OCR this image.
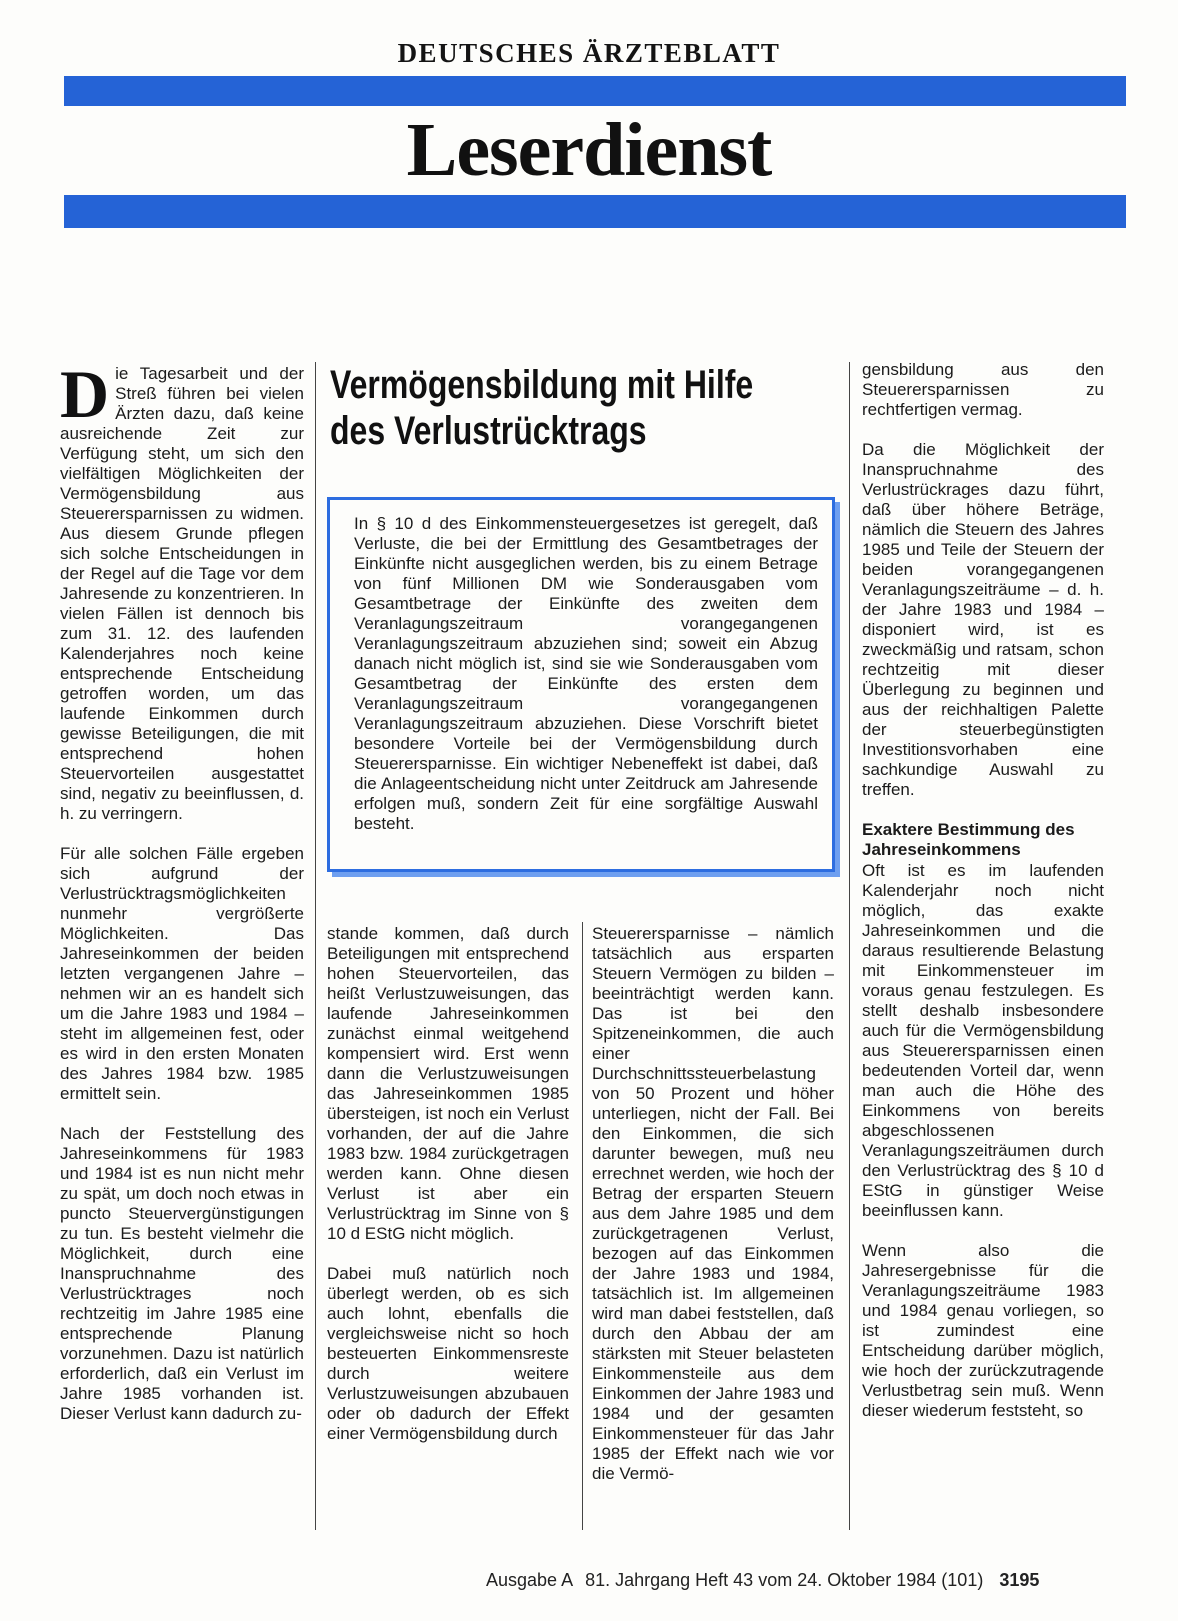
DEUTSCHES ÄRZTEBLATT
Leserdienst

Die Tagesarbeit und der Streß führen bei vielen Ärzten dazu, daß keine ausreichende Zeit zur Verfügung steht, um sich den vielfältigen Möglichkeiten der Vermögensbildung aus Steuerersparnissen zu widmen. Aus diesem Grunde pflegen sich solche Entscheidungen in der Regel auf die Tage vor dem Jahresende zu konzentrieren. In vielen Fällen ist dennoch bis zum 31. 12. des laufenden Kalenderjahres noch keine entsprechende Entscheidung getroffen worden, um das laufende Einkommen durch gewisse Beteiligungen, die mit entsprechend hohen Steuervorteilen ausgestattet sind, negativ zu beeinflussen, d. h. zu verringern.

Für alle solchen Fälle ergeben sich aufgrund der Verlustrücktragsmöglichkeiten nunmehr vergrößerte Möglichkeiten. Das Jahreseinkommen der beiden letzten vergangenen Jahre – nehmen wir an es handelt sich um die Jahre 1983 und 1984 – steht im allgemeinen fest, oder es wird in den ersten Monaten des Jahres 1984 bzw. 1985 ermittelt sein.

Nach der Feststellung des Jahreseinkommens für 1983 und 1984 ist es nun nicht mehr zu spät, um doch noch etwas in puncto Steuervergünstigungen zu tun. Es besteht vielmehr die Möglichkeit, durch eine Inanspruchnahme des Verlustrücktrages noch rechtzeitig im Jahre 1985 eine entsprechende Planung vorzunehmen. Dazu ist natürlich erforderlich, daß ein Verlust im Jahre 1985 vorhanden ist. Dieser Verlust kann dadurch zu-

Vermögensbildung mit Hilfe
des Verlustrücktrags

In § 10 d des Einkommensteuergesetzes ist geregelt, daß Verluste, die bei der Ermittlung des Gesamtbetrages der Einkünfte nicht ausgeglichen werden, bis zu einem Betrage von fünf Millionen DM wie Sonderausgaben vom Gesamtbetrage der Einkünfte des zweiten dem Veranlagungszeitraum vorangegangenen Veranlagungszeitraum abzuziehen sind; soweit ein Abzug danach nicht möglich ist, sind sie wie Sonderausgaben vom Gesamtbetrag der Einkünfte des ersten dem Veranlagungszeitraum vorangegangenen Veranlagungszeitraum abzuziehen. Diese Vorschrift bietet besondere Vorteile bei der Vermögensbildung durch Steuerersparnisse. Ein wichtiger Nebeneffekt ist dabei, daß die Anlageentscheidung nicht unter Zeitdruck am Jahresende erfolgen muß, sondern Zeit für eine sorgfältige Auswahl besteht.

stande kommen, daß durch Beteiligungen mit entsprechend hohen Steuervorteilen, das heißt Verlustzuweisungen, das laufende Jahreseinkommen zunächst einmal weitgehend kompensiert wird. Erst wenn dann die Verlustzuweisungen das Jahreseinkommen 1985 übersteigen, ist noch ein Verlust vorhanden, der auf die Jahre 1983 bzw. 1984 zurückgetragen werden kann. Ohne diesen Verlust ist aber ein Verlustrücktrag im Sinne von § 10 d EStG nicht möglich.

Dabei muß natürlich noch überlegt werden, ob es sich auch lohnt, ebenfalls die vergleichsweise nicht so hoch besteuerten Einkommensreste durch weitere Verlustzuweisungen abzubauen oder ob dadurch der Effekt einer Vermögensbildung durch

Steuerersparnisse – nämlich tatsächlich aus ersparten Steuern Vermögen zu bilden – beeinträchtigt werden kann. Das ist bei den Spitzeneinkommen, die auch einer Durchschnittssteuerbelastung von 50 Prozent und höher unterliegen, nicht der Fall. Bei den Einkommen, die sich darunter bewegen, muß neu errechnet werden, wie hoch der Betrag der ersparten Steuern aus dem Jahre 1985 und dem zurückgetragenen Verlust, bezogen auf das Einkommen der Jahre 1983 und 1984, tatsächlich ist. Im allgemeinen wird man dabei feststellen, daß durch den Abbau der am stärksten mit Steuer belasteten Einkommensteile aus dem Einkommen der Jahre 1983 und 1984 und der gesamten Einkommensteuer für das Jahr 1985 der Effekt nach wie vor die Vermö-

gensbildung aus den Steuerersparnissen zu rechtfertigen vermag.

Da die Möglichkeit der Inanspruchnahme des Verlustrückrages dazu führt, daß über höhere Beträge, nämlich die Steuern des Jahres 1985 und Teile der Steuern der beiden vorangegangenen Veranlagungszeiträume – d. h. der Jahre 1983 und 1984 – disponiert wird, ist es zweckmäßig und ratsam, schon rechtzeitig mit dieser Überlegung zu beginnen und aus der reichhaltigen Palette der steuerbegünstigten Investitionsvorhaben eine sachkundige Auswahl zu treffen.

Exaktere Bestimmung des Jahreseinkommens

Oft ist es im laufenden Kalenderjahr noch nicht möglich, das exakte Jahreseinkommen und die daraus resultierende Belastung mit Einkommensteuer im voraus genau festzulegen. Es stellt deshalb insbesondere auch für die Vermögensbildung aus Steuerersparnissen einen bedeutenden Vorteil dar, wenn man auch die Höhe des Einkommens von bereits abgeschlossenen Veranlagungszeiträumen durch den Verlustrücktrag des § 10 d EStG in günstiger Weise beeinflussen kann.

Wenn also die Jahresergebnisse für die Veranlagungszeiträume 1983 und 1984 genau vorliegen, so ist zumindest eine Entscheidung darüber möglich, wie hoch der zurückzutragende Verlustbetrag sein muß. Wenn dieser wiederum feststeht, so

Ausgabe A 81. Jahrgang Heft 43 vom 24. Oktober 1984 (101) 3195
